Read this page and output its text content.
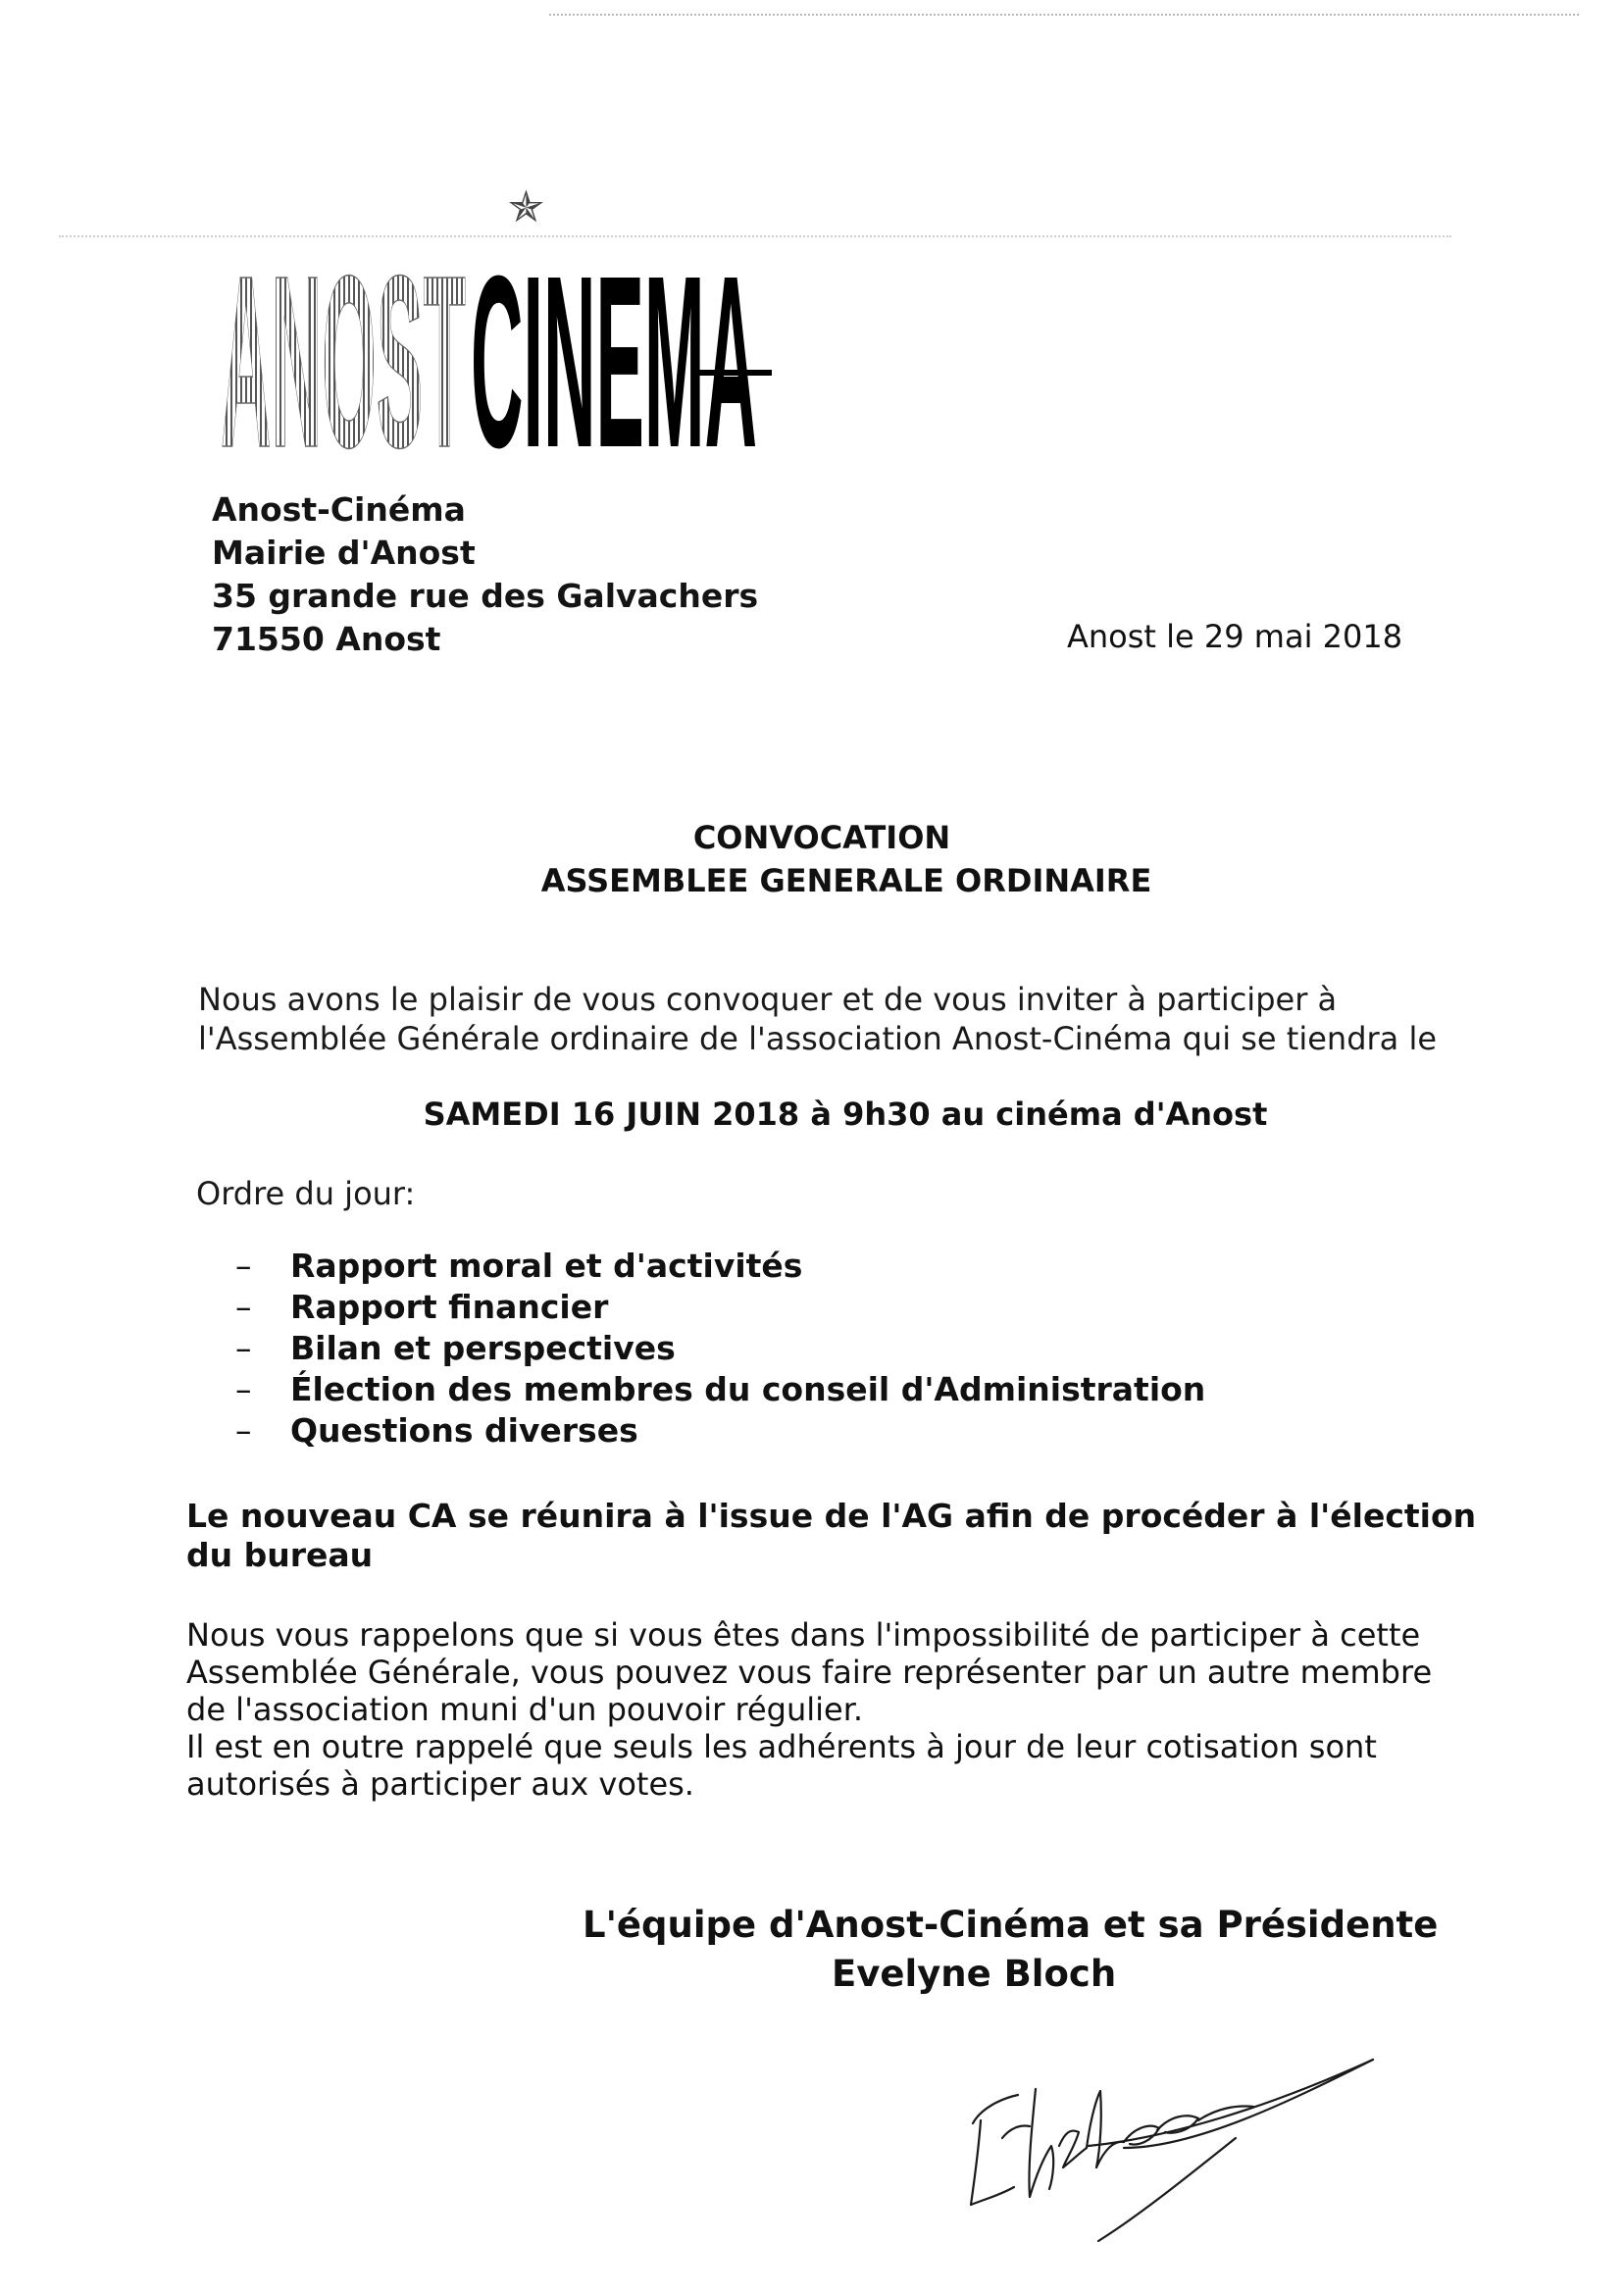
ANOST CINEMA
✯
Anost-Cinéma
Mairie d'Anost
35 grande rue des Galvachers
71550 Anost	Anost le 29 mai 2018
CONVOCATION
ASSEMBLEE GENERALE ORDINAIRE
Nous avons le plaisir de vous convoquer et de vous inviter à participer à
l'Assemblée Générale ordinaire de l'association Anost-Cinéma qui se tiendra le
SAMEDI 16 JUIN 2018 à 9h30 au cinéma d'Anost
Ordre du jour:
– Rapport moral et d'activités
– Rapport financier
– Bilan et perspectives
– Élection des membres du conseil d'Administration
– Questions diverses
Le nouveau CA se réunira à l'issue de l'AG afin de procéder à l'élection du bureau
Nous vous rappelons que si vous êtes dans l'impossibilité de participer à cette
Assemblée Générale, vous pouvez vous faire représenter par un autre membre
de l'association muni d'un pouvoir régulier.
Il est en outre rappelé que seuls les adhérents à jour de leur cotisation sont
autorisés à participer aux votes.
L'équipe d'Anost-Cinéma et sa Présidente
Evelyne Bloch
